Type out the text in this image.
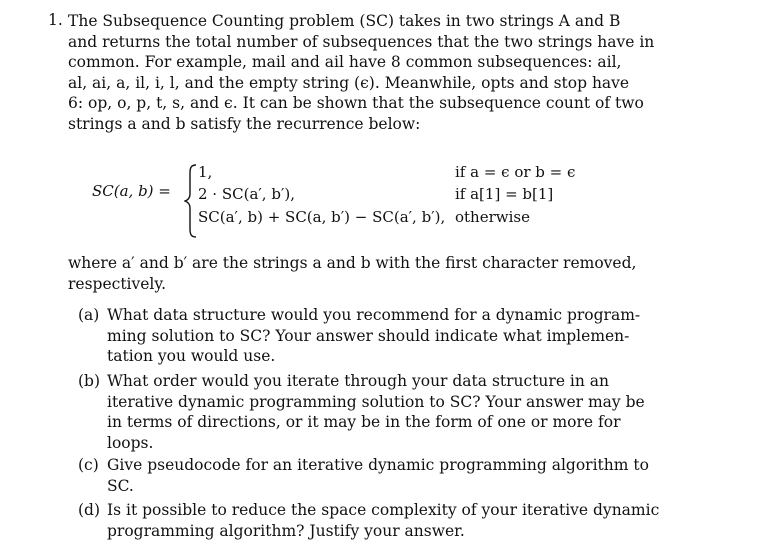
1. The Subsequence Counting problem (SC) takes in two strings A and B

and returns the total number of subsequences that the two strings have in

common. For example, mail and ail have 8 common subsequences: ail,

al, ai, a, il, i, l, and the empty string (ϵ). Meanwhile, opts and stop have

6: op, o, p, t, s, and ϵ. It can be shown that the subsequence count of two

strings a and b satisfy the recurrence below:

SC(a, b) =
1,	if a = ϵ or b = ϵ
2 · SC(a′, b′),	if a[1] = b[1]
SC(a′, b) + SC(a, b′) − SC(a′, b′), otherwise

where a′ and b′ are the strings a and b with the first character removed,

respectively.

(a) What data structure would you recommend for a dynamic program-

ming solution to SC? Your answer should indicate what implemen-

tation you would use.

(b) What order would you iterate through your data structure in an

iterative dynamic programming solution to SC? Your answer may be

in terms of directions, or it may be in the form of one or more for

loops.

(c) Give pseudocode for an iterative dynamic programming algorithm to

SC.

(d) Is it possible to reduce the space complexity of your iterative dynamic

programming algorithm? Justify your answer.
